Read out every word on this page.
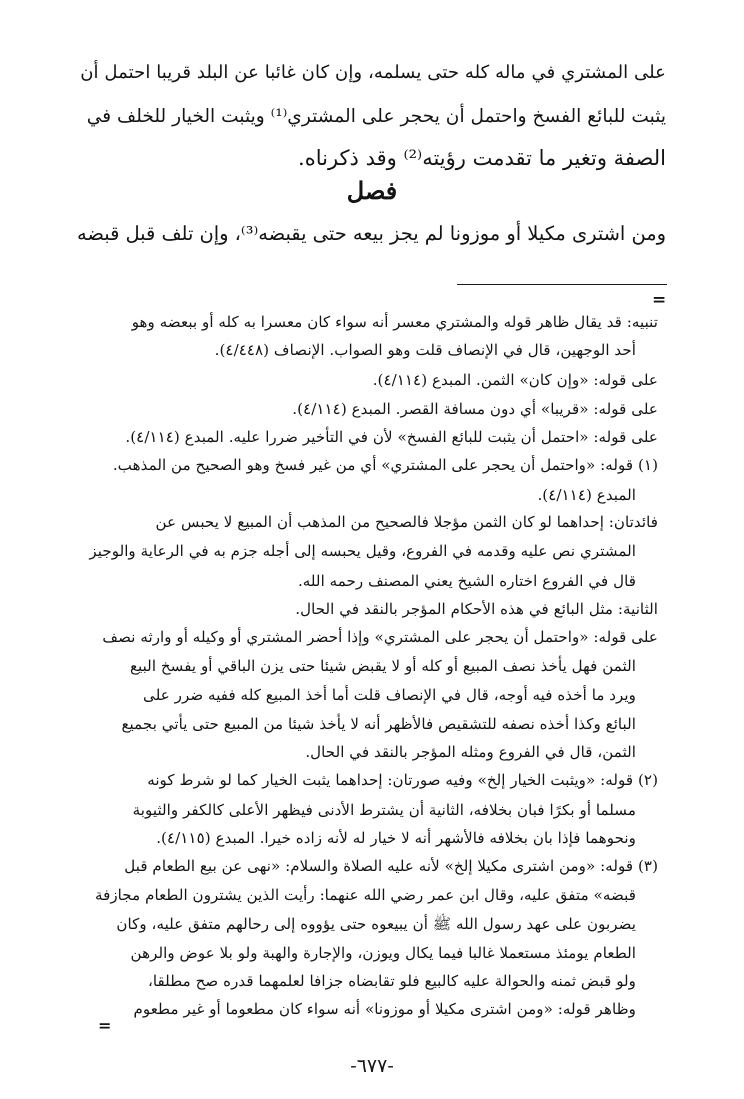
على المشتري في ماله كله حتى يسلمه، وإن كان غائبا عن البلد قريبا احتمل أن
يثبت للبائع الفسخ واحتمل أن يحجر على المشتري⁽¹⁾ ويثبت الخيار للخلف في
الصفة وتغير ما تقدمت رؤيته⁽²⁾ وقد ذكرناه.
فصل
ومن اشترى مكيلا أو موزونا لم يجز بيعه حتى يقبضه⁽³⁾، وإن تلف قبل قبضه
=
تنبيه: قد يقال ظاهر قوله والمشتري معسر أنه سواء كان معسرا به كله أو ببعضه وهو
أحد الوجهين، قال في الإنصاف قلت وهو الصواب. الإنصاف (٤/٤٤٨).
على قوله: «وإن كان» الثمن. المبدع (٤/١١٤).
على قوله: «قريبا» أي دون مسافة القصر. المبدع (٤/١١٤).
على قوله: «احتمل أن يثبت للبائع الفسخ» لأن في التأخير ضررا عليه. المبدع (٤/١١٤).
(١) قوله: «واحتمل أن يحجر على المشتري» أي من غير فسخ وهو الصحيح من المذهب.
المبدع (٤/١١٤).
فائدتان: إحداهما لو كان الثمن مؤجلا فالصحيح من المذهب أن المبيع لا يحبس عن
المشتري نص عليه وقدمه في الفروع، وقيل يحبسه إلى أجله جزم به في الرعاية والوجيز
قال في الفروع اختاره الشيخ يعني المصنف رحمه الله.
الثانية: مثل البائع في هذه الأحكام المؤجر بالنقد في الحال.
على قوله: «واحتمل أن يحجر على المشتري» وإذا أحضر المشتري أو وكيله أو وارثه نصف
الثمن فهل يأخذ نصف المبيع أو كله أو لا يقبض شيئا حتى يزن الباقي أو يفسخ البيع
ويرد ما أخذه فيه أوجه، قال في الإنصاف قلت أما أخذ المبيع كله ففيه ضرر على
البائع وكذا أخذه نصفه للتشقيص فالأظهر أنه لا يأخذ شيئا من المبيع حتى يأتي بجميع
الثمن، قال في الفروع ومثله المؤجر بالنقد في الحال.
(٢) قوله: «ويثبت الخيار إلخ» وفيه صورتان: إحداهما يثبت الخيار كما لو شرط كونه
مسلما أو بكرًا فبان بخلافه، الثانية أن يشترط الأدنى فيظهر الأعلى كالكفر والثيوبة
ونحوهما فإذا بان بخلافه فالأشهر أنه لا خيار له لأنه زاده خيرا. المبدع (٤/١١٥).
(٣) قوله: «ومن اشترى مكيلا إلخ» لأنه عليه الصلاة والسلام: «نهى عن بيع الطعام قبل
قبضه» متفق عليه، وقال ابن عمر رضي الله عنهما: رأيت الذين يشترون الطعام مجازفة
يضربون على عهد رسول الله ﷺ أن يبيعوه حتى يؤووه إلى رحالهم متفق عليه، وكان
الطعام يومئذ مستعملا غالبا فيما يكال ويوزن، والإجارة والهبة ولو بلا عوض والرهن
ولو قبض ثمنه والحوالة عليه كالبيع فلو تقابضاه جزافا لعلمهما قدره صح مطلقا،
وظاهر قوله: «ومن اشترى مكيلا أو موزونا» أنه سواء كان مطعوما أو غير مطعوم
=
-٦٧٧-
